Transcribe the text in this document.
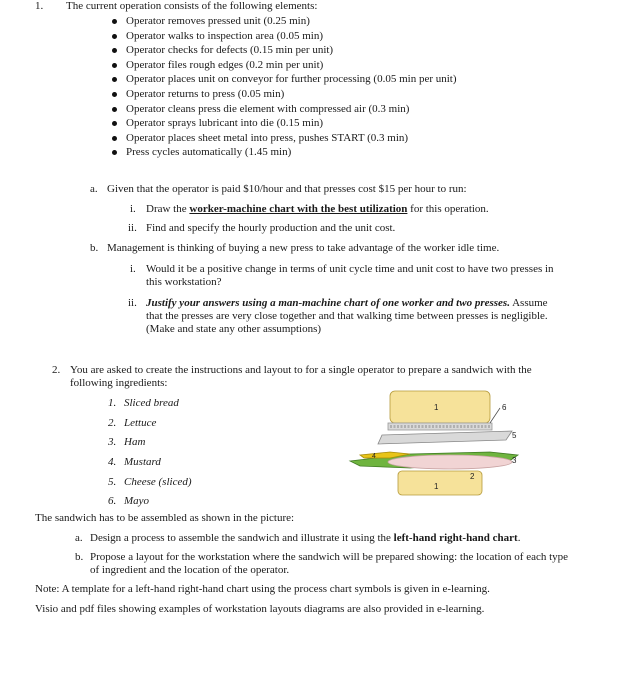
1. The current operation consists of the following elements:
Operator removes pressed unit (0.25 min)
Operator walks to inspection area (0.05 min)
Operator checks for defects (0.15 min per unit)
Operator files rough edges (0.2 min per unit)
Operator places unit on conveyor for further processing (0.05 min per unit)
Operator returns to press (0.05 min)
Operator cleans press die element with compressed air (0.3 min)
Operator sprays lubricant into die (0.15 min)
Operator places sheet metal into press, pushes START (0.3 min)
Press cycles automatically (1.45 min)
a. Given that the operator is paid $10/hour and that presses cost $15 per hour to run:
i. Draw the worker-machine chart with the best utilization for this operation.
ii. Find and specify the hourly production and the unit cost.
b. Management is thinking of buying a new press to take advantage of the worker idle time.
i. Would it be a positive change in terms of unit cycle time and unit cost to have two presses in
this workstation?
ii. Justify your answers using a man-machine chart of one worker and two presses. Assume
that the presses are very close together and that walking time between presses is negligible.
(Make and state any other assumptions)
2. You are asked to create the instructions and layout to for a single operator to prepare a sandwich with the
following ingredients:
1. Sliced bread
2. Lettuce
3. Ham
4. Mustard
5. Cheese (sliced)
6. Mayo
1	6
5
3
4
2
1
The sandwich has to be assembled as shown in the picture:
a. Design a process to assemble the sandwich and illustrate it using the left-hand right-hand chart.
b. Propose a layout for the workstation where the sandwich will be prepared showing: the location of each type
of ingredient and the location of the operator.
Note: A template for a left-hand right-hand chart using the process chart symbols is given in e-learning.
Visio and pdf files showing examples of workstation layouts diagrams are also provided in e-learning.
